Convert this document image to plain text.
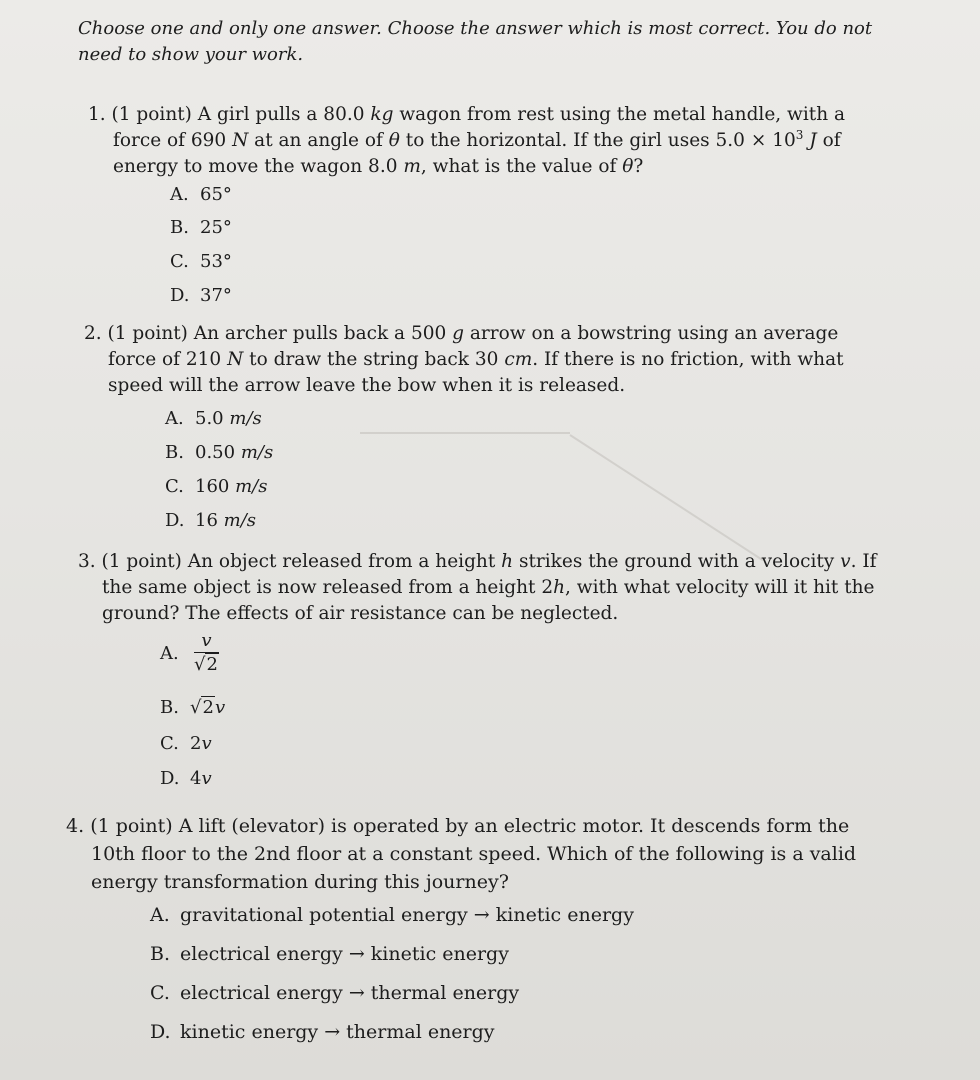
Choose one and only one answer. Choose the answer which is most correct. You do not need to show your work.
1. (1 point) A girl pulls a 80.0 kg wagon from rest using the metal handle, with a force of 690 N at an angle of θ to the horizontal. If the girl uses $5.0 \times 10^3$ J of energy to move the wagon 8.0 m, what is the value of θ?
A. 65°
B. 25°
C. 53°
D. 37°
2. (1 point) An archer pulls back a 500 g arrow on a bowstring using an average force of 210 N to draw the string back 30 cm. If there is no friction, with what speed will the arrow leave the bow when it is released.
A. 5.0 m/s
B. 0.50 m/s
C. 160 m/s
D. 16 m/s
3. (1 point) An object released from a height h strikes the ground with a velocity v. If the same object is now released from a height 2h, with what velocity will it hit the ground? The effects of air resistance can be neglected.
A. $\frac{v}{√2}$
B. √2v
C. 2v
D. 4v
4. (1 point) A lift (elevator) is operated by an electric motor. It descends form the 10th floor to the 2nd floor at a constant speed. Which of the following is a valid energy transformation during this journey?
A. gravitational potential energy → kinetic energy
B. electrical energy → kinetic energy
C. electrical energy → thermal energy
D. kinetic energy → thermal energy
